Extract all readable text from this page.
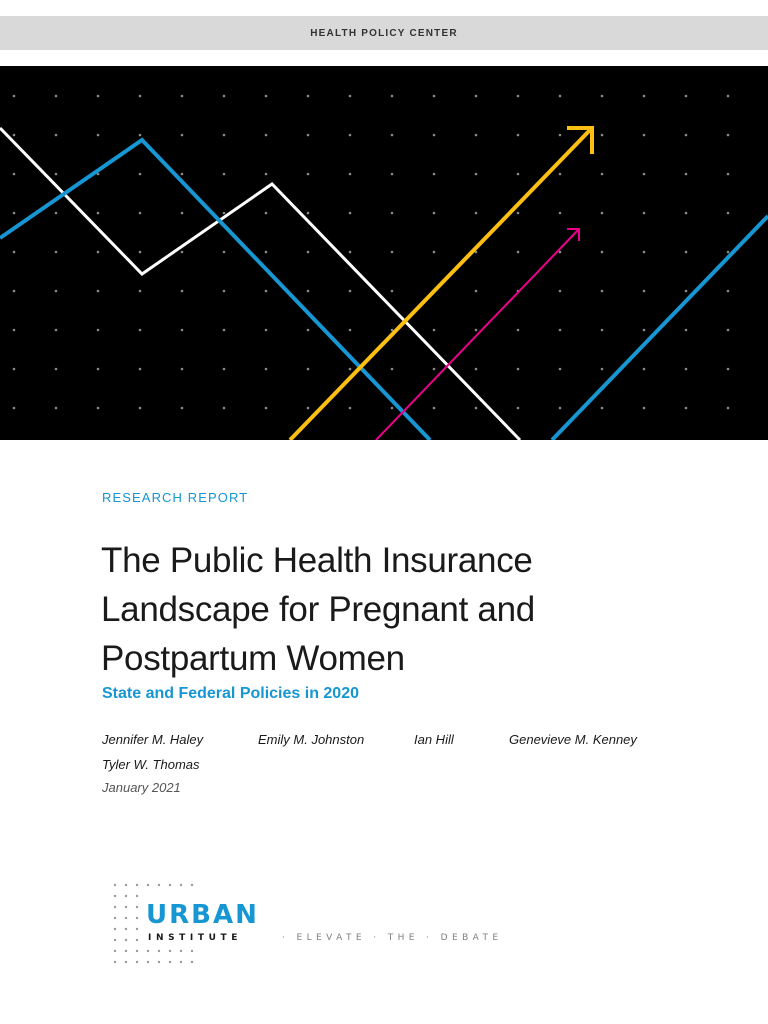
HEALTH POLICY CENTER
RESEARCH REPORT
The Public Health Insurance
Landscape for Pregnant and
Postpartum Women
State and Federal Policies in 2020
Jennifer M. Haley	Emily M. Johnston	Ian Hill	Genevieve M. Kenney
Tyler W. Thomas
January 2021
URBAN
INSTITUTE	· ELEVATE · THE · DEBATE
